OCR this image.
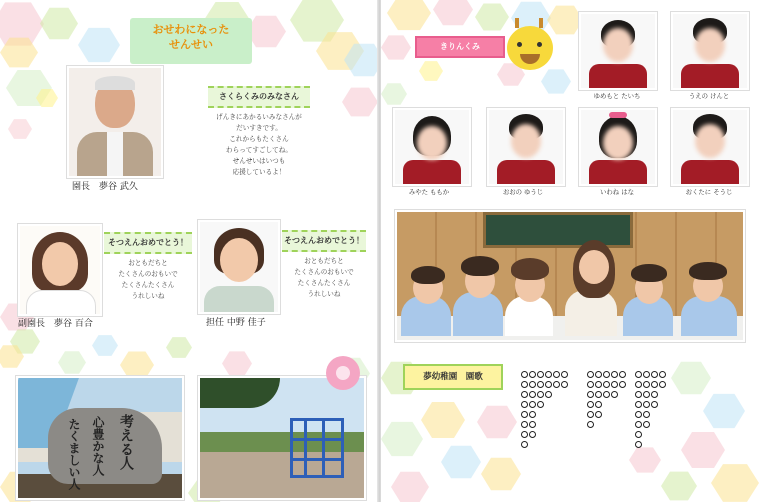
おせわになった
せんせい
園長　夢谷 武久
さくらくみのみなさん
げんきにあかるいみなさんが
だいすきです。
これからもたくさん
わらってすごしてね。
せんせいはいつも
応援しているよ！
副園長　夢谷 百合
そつえんおめでとう！
おともだちと
たくさんのおもいで
たくさんたくさん
うれしいね
担任 中野 佳子
そつえんおめでとう！
おともだちと
たくさんのおもいで
たくさんたくさん
うれしいね
考える人
心豊かな人
たくましい人
きりんくみ
ゆめもと たいち	うえの けんと
みやた ももか	おおの ゆうじ	いわね はな	おくたに そうじ
夢幼稚園　園歌
